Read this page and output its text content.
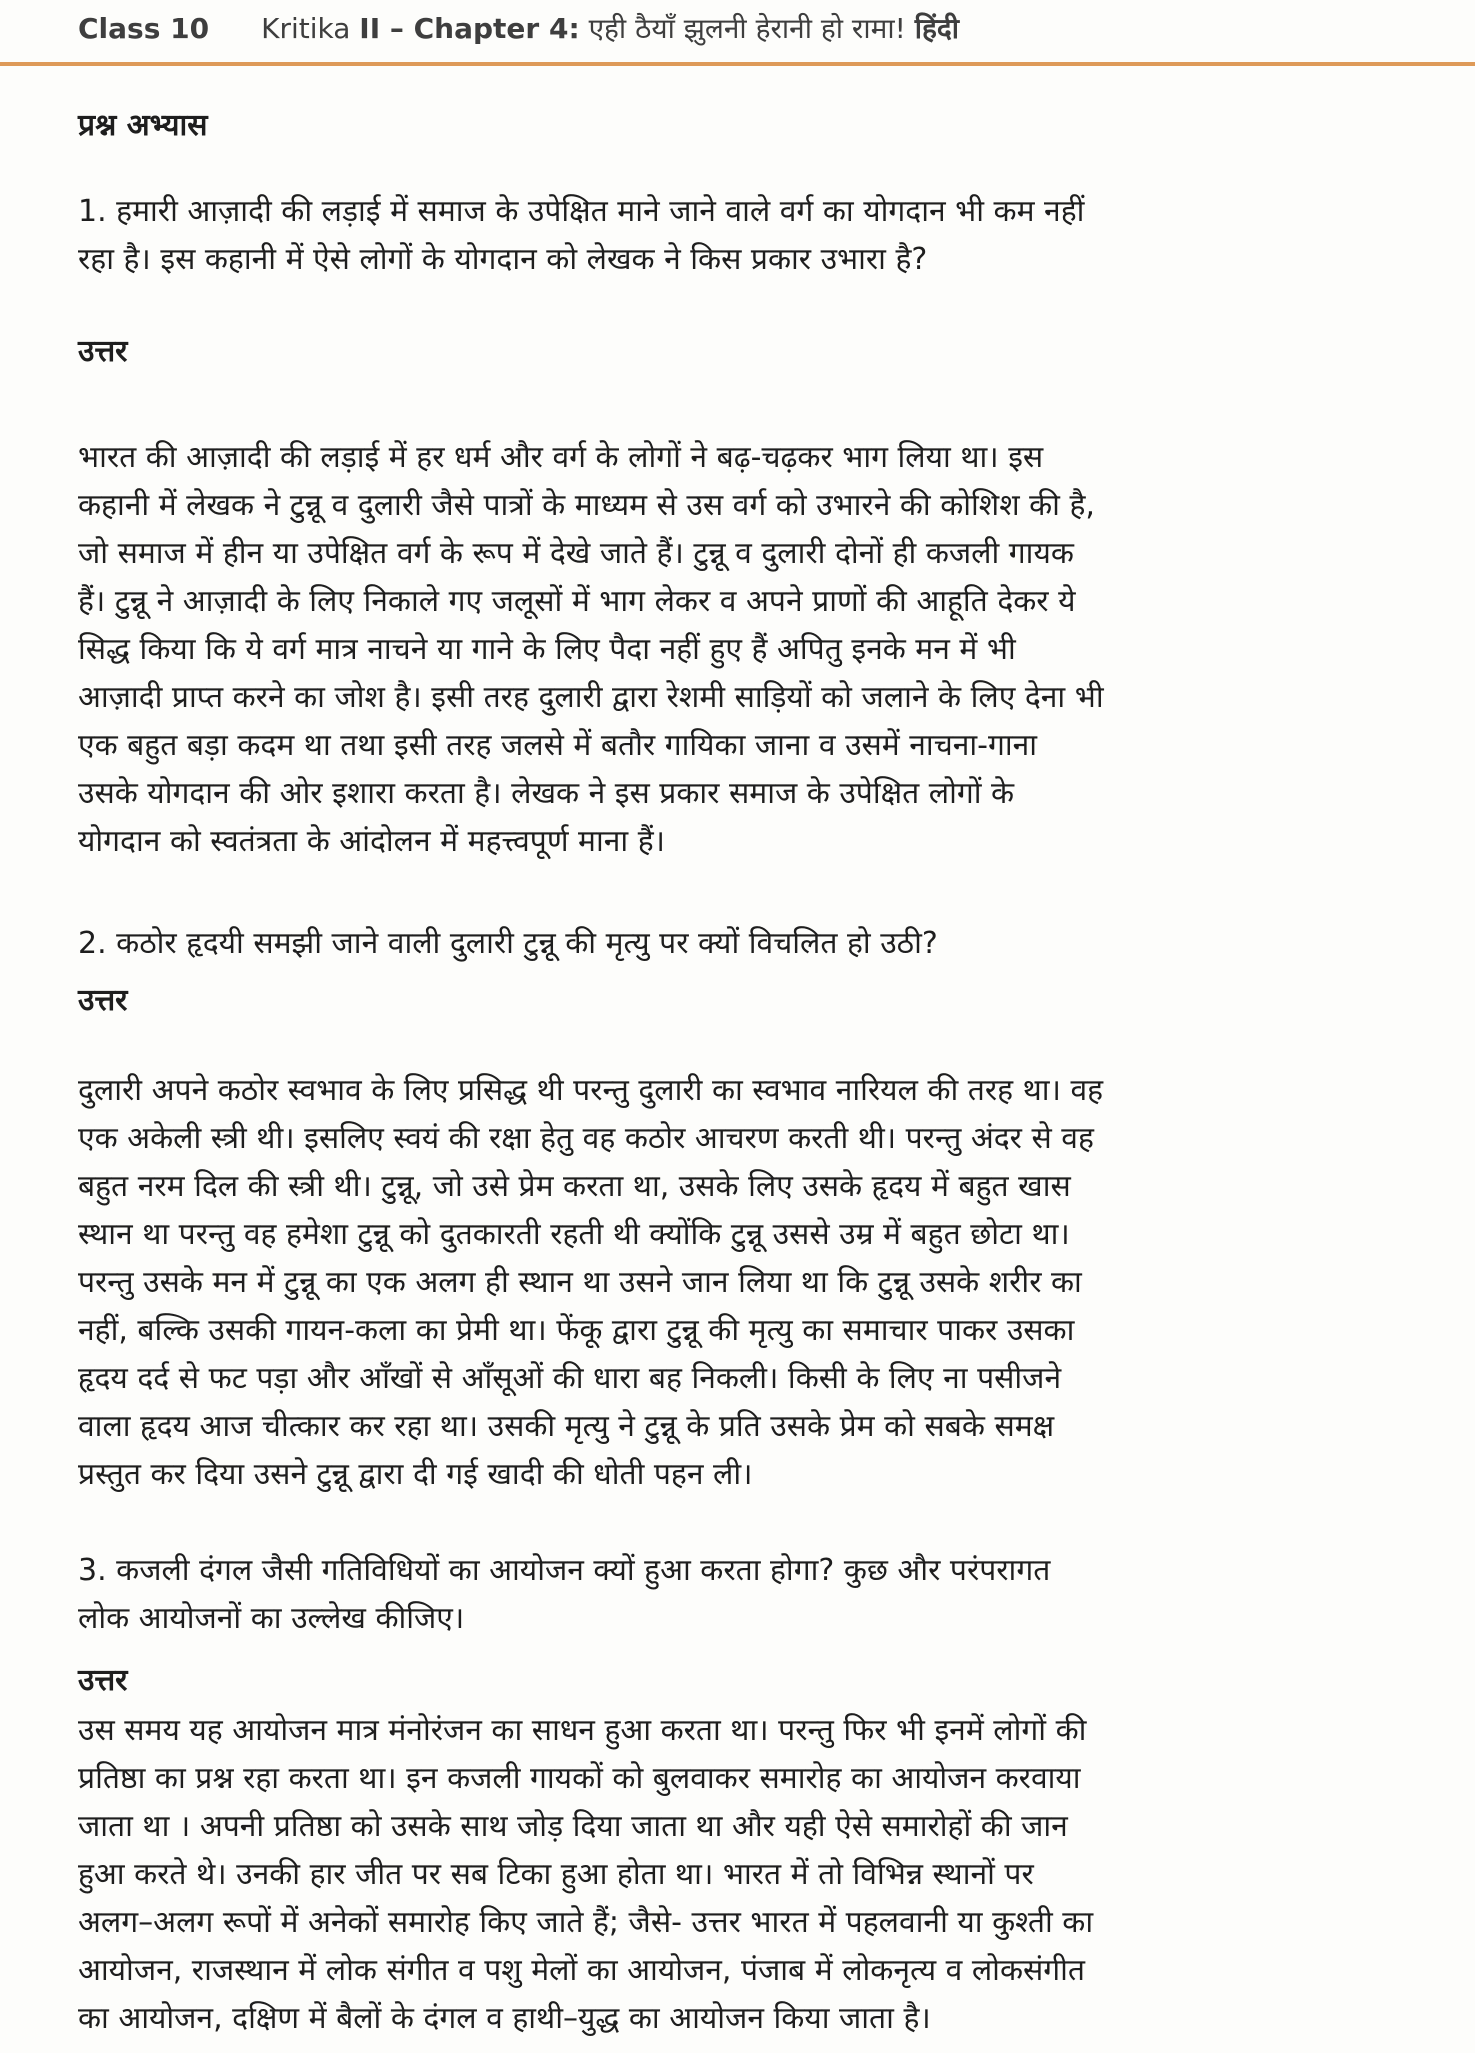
Class 10 Kritika II – Chapter 4: एही ठैयाँ झुलनी हेरानी हो रामा! हिंदी
प्रश्न अभ्यास

1. हमारी आज़ादी की लड़ाई में समाज के उपेक्षित माने जाने वाले वर्ग का योगदान भी कम नहीं रहा है। इस कहानी में ऐसे लोगों के योगदान को लेखक ने किस प्रकार उभारा है?

उत्तर

भारत की आज़ादी की लड़ाई में हर धर्म और वर्ग के लोगों ने बढ़-चढ़कर भाग लिया था। इस कहानी में लेखक ने टुन्नू व दुलारी जैसे पात्रों के माध्यम से उस वर्ग को उभारने की कोशिश की है, जो समाज में हीन या उपेक्षित वर्ग के रूप में देखे जाते हैं। टुन्नू व दुलारी दोनों ही कजली गायक हैं। टुन्नू ने आज़ादी के लिए निकाले गए जलूसों में भाग लेकर व अपने प्राणों की आहूति देकर ये सिद्ध किया कि ये वर्ग मात्र नाचने या गाने के लिए पैदा नहीं हुए हैं अपितु इनके मन में भी आज़ादी प्राप्त करने का जोश है। इसी तरह दुलारी द्वारा रेशमी साड़ियों को जलाने के लिए देना भी एक बहुत बड़ा कदम था तथा इसी तरह जलसे में बतौर गायिका जाना व उसमें नाचना-गाना उसके योगदान की ओर इशारा करता है। लेखक ने इस प्रकार समाज के उपेक्षित लोगों के योगदान को स्वतंत्रता के आंदोलन में महत्त्वपूर्ण माना हैं।

2. कठोर हृदयी समझी जाने वाली दुलारी टुन्नू की मृत्यु पर क्यों विचलित हो उठी?

उत्तर

दुलारी अपने कठोर स्वभाव के लिए प्रसिद्ध थी परन्तु दुलारी का स्वभाव नारियल की तरह था। वह एक अकेली स्त्री थी। इसलिए स्वयं की रक्षा हेतु वह कठोर आचरण करती थी। परन्तु अंदर से वह बहुत नरम दिल की स्त्री थी। टुन्नू, जो उसे प्रेम करता था, उसके लिए उसके हृदय में बहुत खास स्थान था परन्तु वह हमेशा टुन्नू को दुतकारती रहती थी क्योंकि टुन्नू उससे उम्र में बहुत छोटा था। परन्तु उसके मन में टुन्नू का एक अलग ही स्थान था उसने जान लिया था कि टुन्नू उसके शरीर का नहीं, बल्कि उसकी गायन-कला का प्रेमी था। फेंकू द्वारा टुन्नू की मृत्यु का समाचार पाकर उसका हृदय दर्द से फट पड़ा और आँखों से आँसूओं की धारा बह निकली। किसी के लिए ना पसीजने वाला हृदय आज चीत्कार कर रहा था। उसकी मृत्यु ने टुन्नू के प्रति उसके प्रेम को सबके समक्ष प्रस्तुत कर दिया उसने टुन्नू द्वारा दी गई खादी की धोती पहन ली।

3. कजली दंगल जैसी गतिविधियों का आयोजन क्यों हुआ करता होगा? कुछ और परंपरागत लोक आयोजनों का उल्लेख कीजिए।

उत्तर

उस समय यह आयोजन मात्र मंनोरंजन का साधन हुआ करता था। परन्तु फिर भी इनमें लोगों की प्रतिष्ठा का प्रश्न रहा करता था। इन कजली गायकों को बुलवाकर समारोह का आयोजन करवाया जाता था । अपनी प्रतिष्ठा को उसके साथ जोड़ दिया जाता था और यही ऐसे समारोहों की जान हुआ करते थे। उनकी हार जीत पर सब टिका हुआ होता था। भारत में तो विभिन्न स्थानों पर अलग–अलग रूपों में अनेकों समारोह किए जाते हैं; जैसे- उत्तर भारत में पहलवानी या कुश्ती का आयोजन, राजस्थान में लोक संगीत व पशु मेलों का आयोजन, पंजाब में लोकनृत्य व लोकसंगीत का आयोजन, दक्षिण में बैलों के दंगल व हाथी–युद्ध का आयोजन किया जाता है।
